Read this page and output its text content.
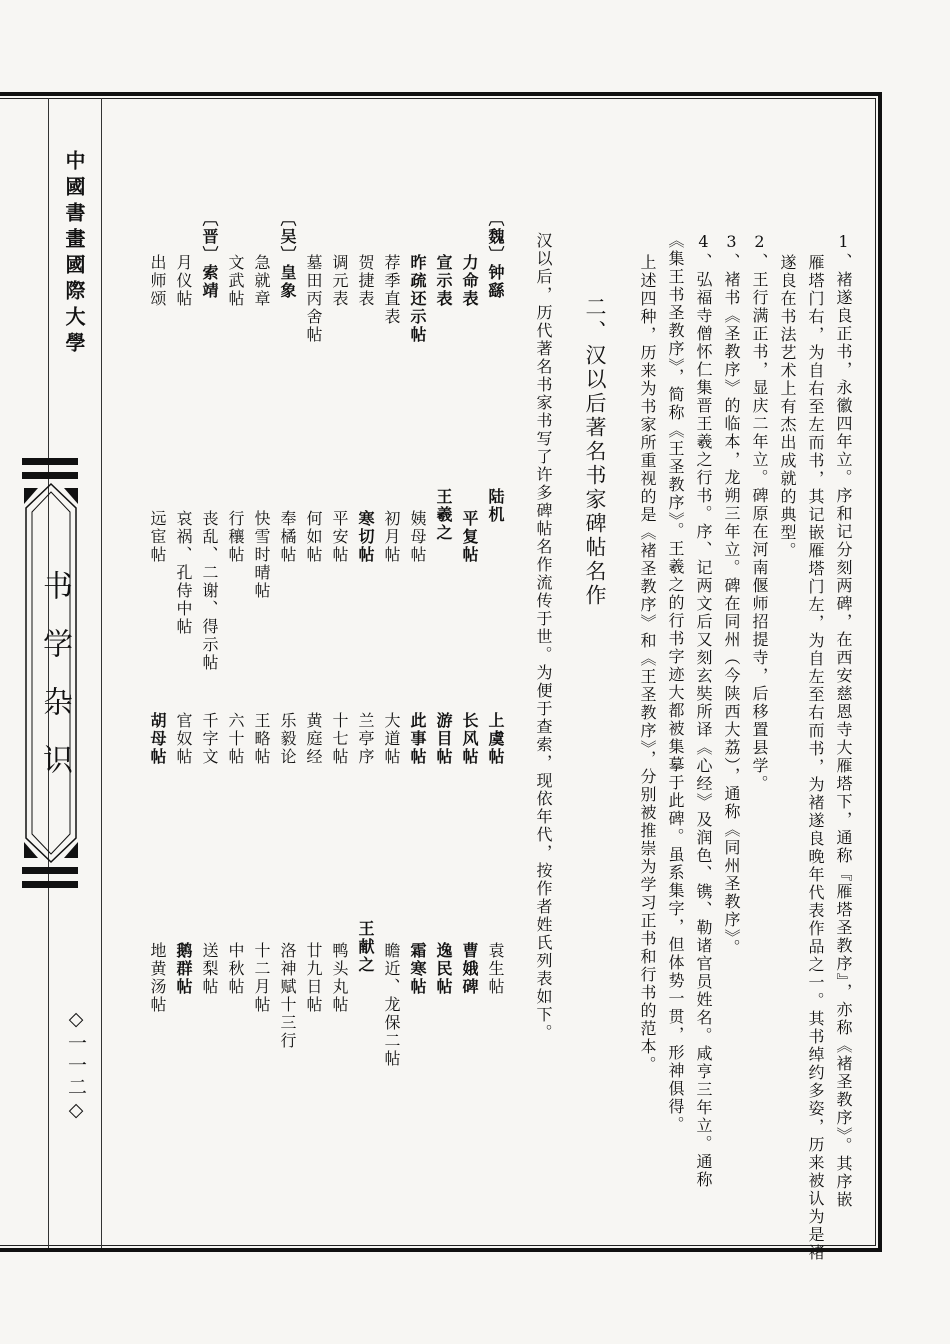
中國書畫國際大學
书学杂识
◇一一二◇	1、褚遂良正书，永徽四年立。序和记分刻两碑，在西安慈恩寺大雁塔下，通称『雁塔圣教序』，亦称《褚圣教序》。其序嵌
雁塔门右，为自右至左而书，其记嵌雁塔门左，为自左至右而书，为褚遂良晚年代表作品之一。其书绰约多姿，历来被认为是褚
遂良在书法艺术上有杰出成就的典型。
2、王行满正书，显庆二年立。碑原在河南偃师招提寺，后移置县学。
3、褚书《圣教序》的临本，龙朔三年立。碑在同州（今陕西大荔），通称《同州圣教序》。
4、弘福寺僧怀仁集晋王羲之行书。序、记两文后又刻玄奘所译《心经》及润色、镌、勒诸官员姓名。咸亨三年立。通称
《集王书圣教序》，简称《王圣教序》。王羲之的行书字迹大都被集摹于此碑。虽系集字，但体势一贯，形神俱得。
上述四种，历来为书家所重视的是《褚圣教序》和《王圣教序》，分别被推崇为学习正书和行书的范本。
二、汉以后著名书家碑帖名作
汉以后，历代著名书家书写了许多碑帖名作流传于世。为便于查索，现依年代，按作者姓氏列表如下。
〔魏〕钟繇
陆机
上虞帖
袁生帖
力命表
平复帖
长风帖
曹娥碑
宣示表
王羲之
游目帖
逸民帖
昨疏还示帖
姨母帖
此事帖
霜寒帖
荐季直表
初月帖
大道帖
瞻近、龙保二帖
贺捷表
寒切帖
兰亭序
王献之
调元表
平安帖
十七帖
鸭头丸帖
墓田丙舍帖
何如帖
黄庭经
廿九日帖
〔吴〕皇象
奉橘帖
乐毅论
洛神赋十三行
急就章
快雪时晴帖
王略帖
十二月帖
文武帖
行穰帖
六十帖
中秋帖
〔晋〕索靖
丧乱、二谢、得示帖
千字文
送梨帖
月仪帖
哀祸、孔侍中帖
官奴帖
鹅群帖
出师颂
远宦帖
胡母帖
地黄汤帖
